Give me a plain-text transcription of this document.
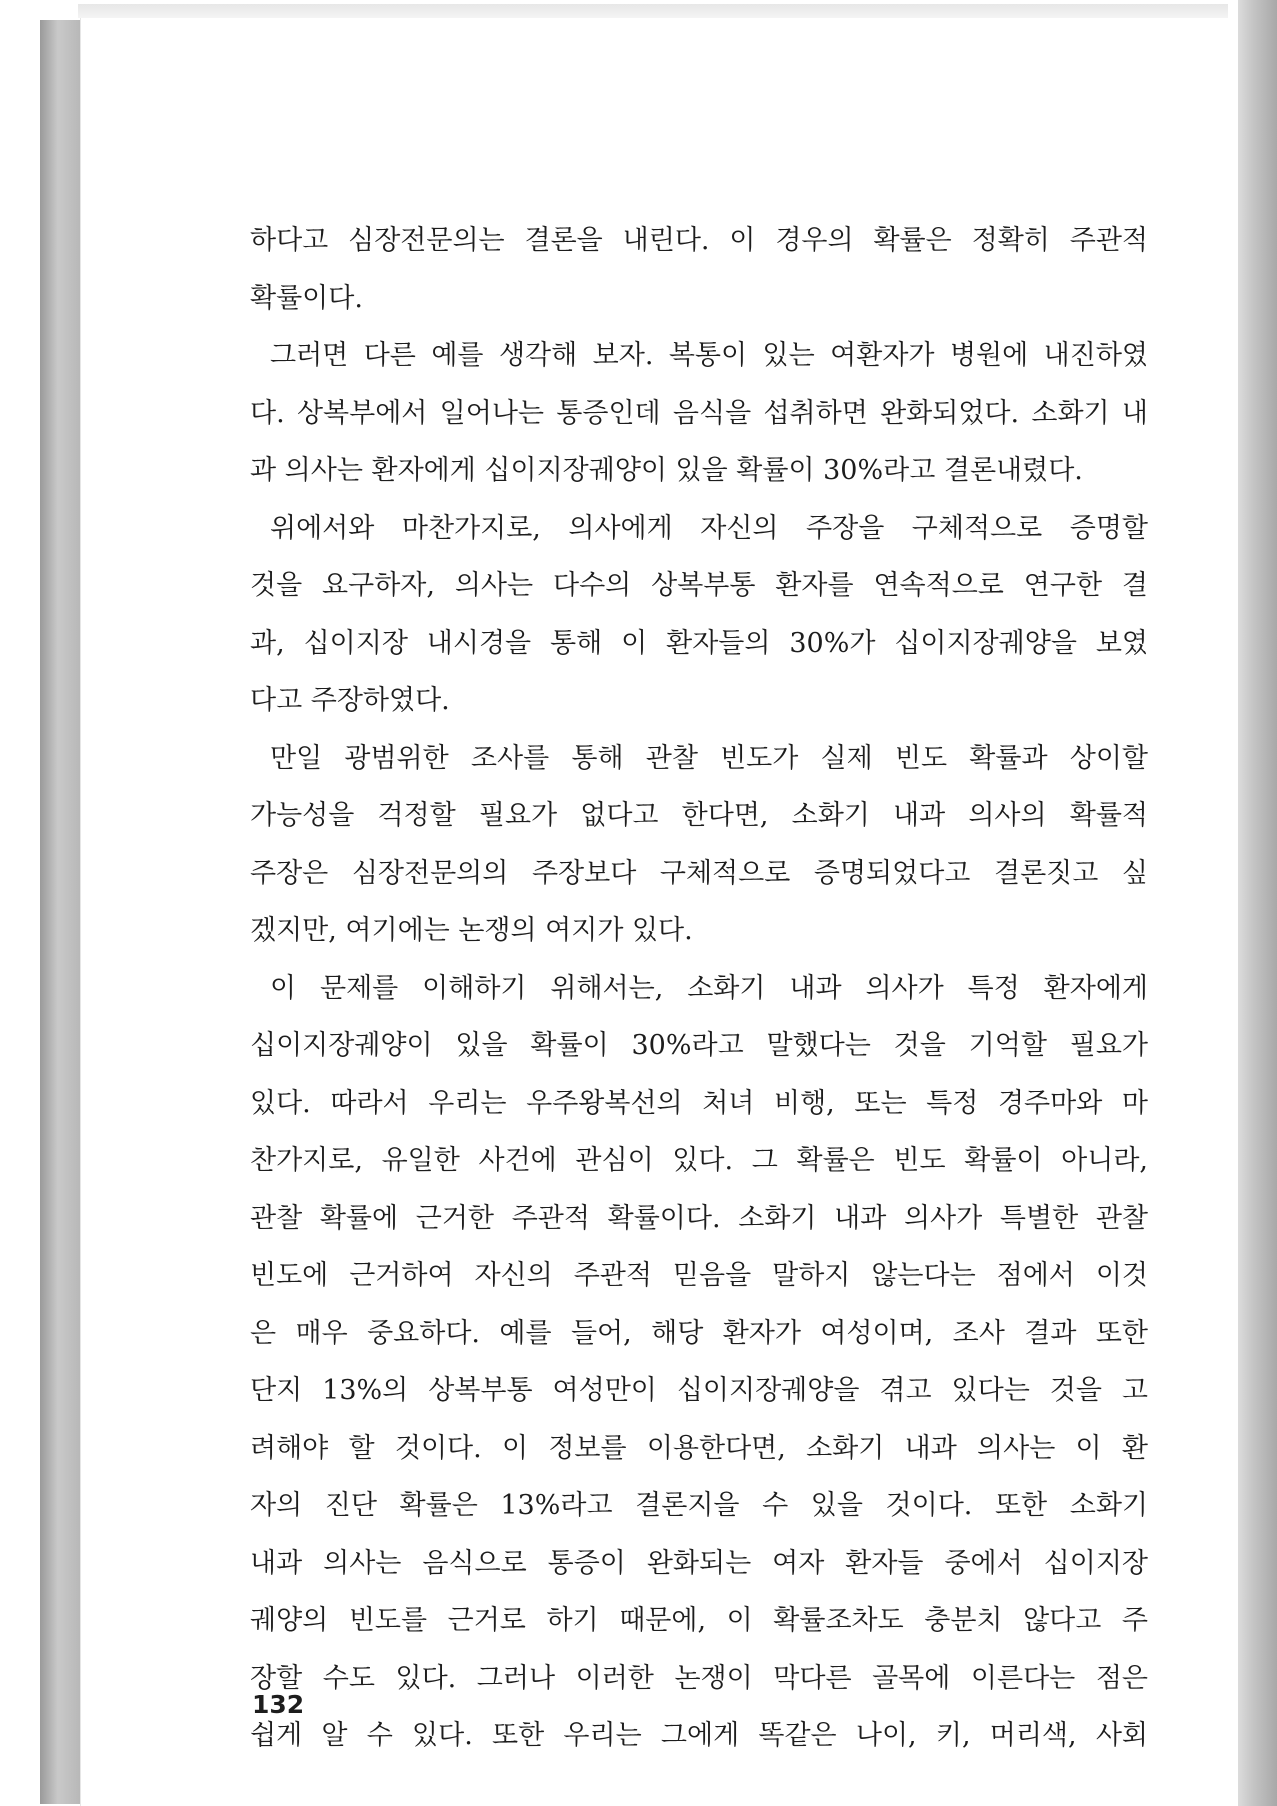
하다고 심장전문의는 결론을 내린다. 이 경우의 확률은 정확히 주관적
확률이다.
그러면 다른 예를 생각해 보자. 복통이 있는 여환자가 병원에 내진하였
다. 상복부에서 일어나는 통증인데 음식을 섭취하면 완화되었다. 소화기 내
과 의사는 환자에게 십이지장궤양이 있을 확률이 30%라고 결론내렸다.
위에서와 마찬가지로, 의사에게 자신의 주장을 구체적으로 증명할
것을 요구하자, 의사는 다수의 상복부통 환자를 연속적으로 연구한 결
과, 십이지장 내시경을 통해 이 환자들의 30%가 십이지장궤양을 보였
다고 주장하였다.
만일 광범위한 조사를 통해 관찰 빈도가 실제 빈도 확률과 상이할
가능성을 걱정할 필요가 없다고 한다면, 소화기 내과 의사의 확률적
주장은 심장전문의의 주장보다 구체적으로 증명되었다고 결론짓고 싶
겠지만, 여기에는 논쟁의 여지가 있다.
이 문제를 이해하기 위해서는, 소화기 내과 의사가 특정 환자에게
십이지장궤양이 있을 확률이 30%라고 말했다는 것을 기억할 필요가
있다. 따라서 우리는 우주왕복선의 처녀 비행, 또는 특정 경주마와 마
찬가지로, 유일한 사건에 관심이 있다. 그 확률은 빈도 확률이 아니라,
관찰 확률에 근거한 주관적 확률이다. 소화기 내과 의사가 특별한 관찰
빈도에 근거하여 자신의 주관적 믿음을 말하지 않는다는 점에서 이것
은 매우 중요하다. 예를 들어, 해당 환자가 여성이며, 조사 결과 또한
단지 13%의 상복부통 여성만이 십이지장궤양을 겪고 있다는 것을 고
려해야 할 것이다. 이 정보를 이용한다면, 소화기 내과 의사는 이 환
자의 진단 확률은 13%라고 결론지을 수 있을 것이다. 또한 소화기
내과 의사는 음식으로 통증이 완화되는 여자 환자들 중에서 십이지장
궤양의 빈도를 근거로 하기 때문에, 이 확률조차도 충분치 않다고 주
장할 수도 있다. 그러나 이러한 논쟁이 막다른 골목에 이른다는 점은
쉽게 알 수 있다. 또한 우리는 그에게 똑같은 나이, 키, 머리색, 사회
132
